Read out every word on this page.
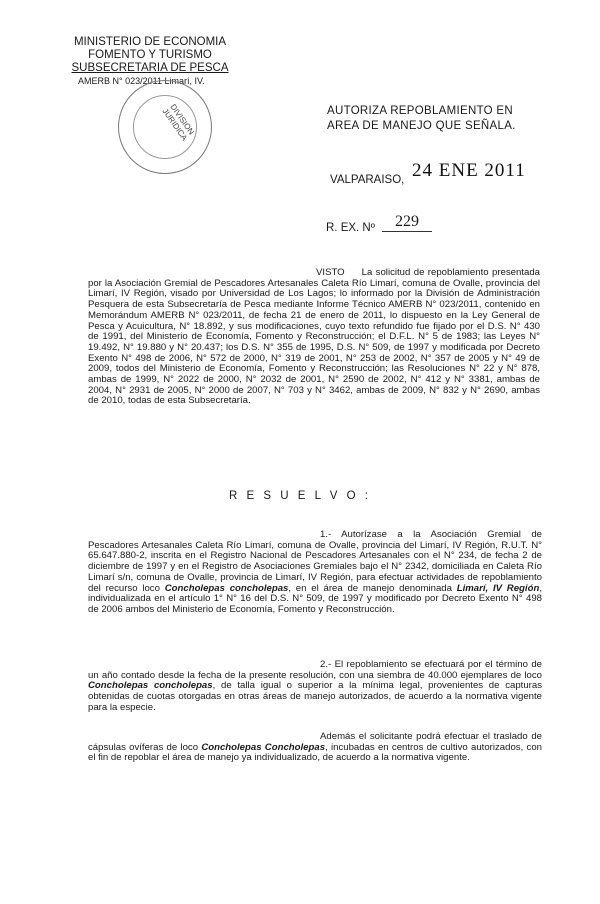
MINISTERIO DE ECONOMIA
FOMENTO Y TURISMO
SUBSECRETARIA DE PESCA
AMERB N° 023/2011 Limarí, IV.
DIVISION JURIDICA	AUTORIZA REPOBLAMIENTO EN AREA DE MANEJO QUE SEÑALA.
VALPARAISO, 24 ENE 2011
R. EX. Nº	229
VISTO La solicitud de repoblamiento presentada por la Asociación Gremial de Pescadores Artesanales Caleta Río Limarí, comuna de Ovalle, provincia del Limarí, IV Región, visado por Universidad de Los Lagos; lo informado por la División de Administración Pesquera de esta Subsecretaría de Pesca mediante Informe Técnico AMERB N° 023/2011, contenido en Memorándum AMERB N° 023/2011, de fecha 21 de enero de 2011, lo dispuesto en la Ley General de Pesca y Acuicultura, N° 18.892, y sus modificaciones, cuyo texto refundido fue fijado por el D.S. N° 430 de 1991, del Ministerio de Economía, Fomento y Reconstrucción; el D.F.L. N° 5 de 1983; las Leyes N° 19.492, N° 19.880 y N° 20.437; los D.S. N° 355 de 1995, D.S. N° 509, de 1997 y modificada por Decreto Exento N° 498 de 2006, N° 572 de 2000, N° 319 de 2001, N° 253 de 2002, N° 357 de 2005 y N° 49 de 2009, todos del Ministerio de Economía, Fomento y Reconstrucción; las Resoluciones N° 22 y N° 878, ambas de 1999, N° 2022 de 2000, N° 2032 de 2001, N° 2590 de 2002, N° 412 y N° 3381, ambas de 2004, N° 2931 de 2005, N° 2000 de 2007, N° 703 y N° 3462, ambas de 2009, N° 832 y N° 2690, ambas de 2010, todas de esta Subsecretaría.
R E S U E L V O :
1.- Autorízase a la Asociación Gremial de Pescadores Artesanales Caleta Río Limarí, comuna de Ovalle, provincia del Limarí, IV Región, R.U.T. N° 65.647.880-2, inscrita en el Registro Nacional de Pescadores Artesanales con el N° 234, de fecha 2 de diciembre de 1997 y en el Registro de Asociaciones Gremiales bajo el N° 2342, domiciliada en Caleta Río Limarí s/n, comuna de Ovalle, provincia de Limarí, IV Región, para efectuar actividades de repoblamiento del recurso loco Concholepas concholepas, en el área de manejo denominada Limarí, IV Región, individualizada en el artículo 1° N° 16 del D.S. N° 509, de 1997 y modificado por Decreto Exento N° 498 de 2006 ambos del Ministerio de Economía, Fomento y Reconstrucción.
2.- El repoblamiento se efectuará por el término de un año contado desde la fecha de la presente resolución, con una siembra de 40.000 ejemplares de loco Concholepas concholepas, de talla igual o superior a la mínima legal, provenientes de capturas obtenidas de cuotas otorgadas en otras áreas de manejo autorizados, de acuerdo a la normativa vigente para la especie.
Además el solicitante podrá efectuar el traslado de cápsulas ovíferas de loco Concholepas Concholepas, incubadas en centros de cultivo autorizados, con el fin de repoblar el área de manejo ya individualizado, de acuerdo a la normativa vigente.
